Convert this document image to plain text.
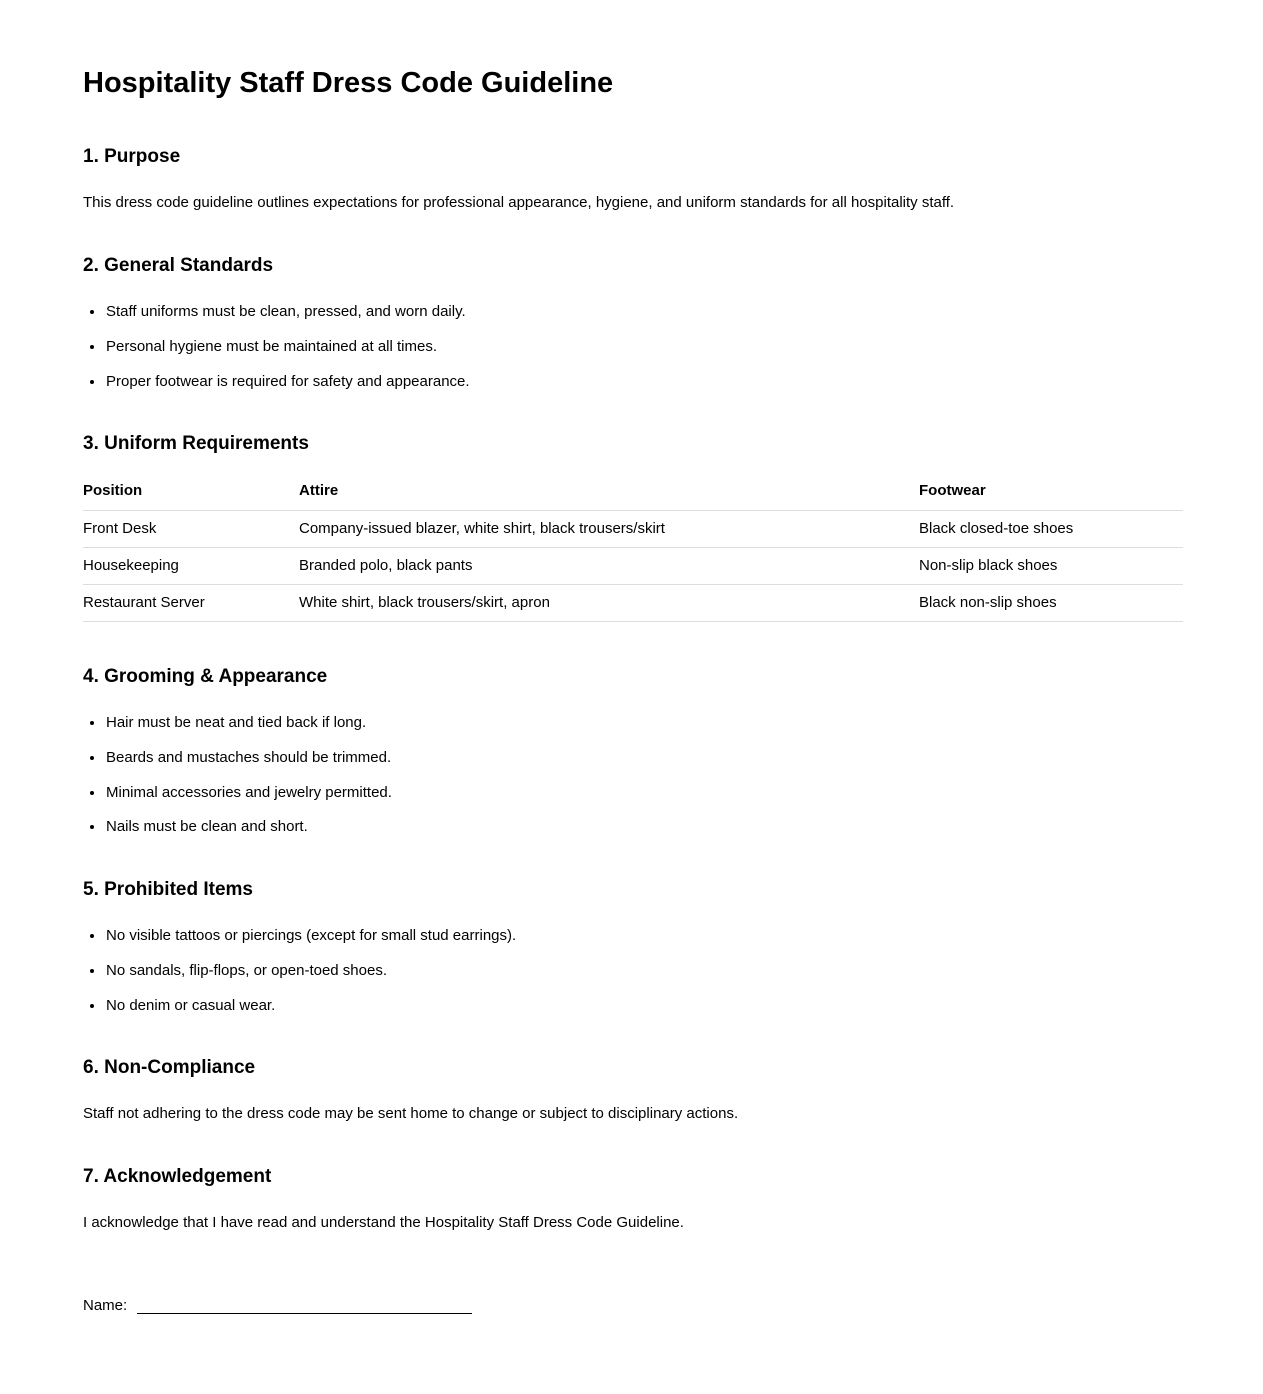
Hospitality Staff Dress Code Guideline
1. Purpose

This dress code guideline outlines expectations for professional appearance, hygiene, and uniform standards for all hospitality staff.

2. General Standards
• Staff uniforms must be clean, pressed, and worn daily.
• Personal hygiene must be maintained at all times.
• Proper footwear is required for safety and appearance.
3. Uniform Requirements
Position	Attire	Footwear
Front Desk	Company-issued blazer, white shirt, black trousers/skirt	Black closed-toe shoes
Housekeeping	Branded polo, black pants	Non-slip black shoes
Restaurant Server	White shirt, black trousers/skirt, apron	Black non-slip shoes
4. Grooming & Appearance
• Hair must be neat and tied back if long.
• Beards and mustaches should be trimmed.
• Minimal accessories and jewelry permitted.
• Nails must be clean and short.
5. Prohibited Items
• No visible tattoos or piercings (except for small stud earrings).
• No sandals, flip-flops, or open-toed shoes.
• No denim or casual wear.
6. Non-Compliance

Staff not adhering to the dress code may be sent home to change or subject to disciplinary actions.

7. Acknowledgement

I acknowledge that I have read and understand the Hospitality Staff Dress Code Guideline.

Name:
